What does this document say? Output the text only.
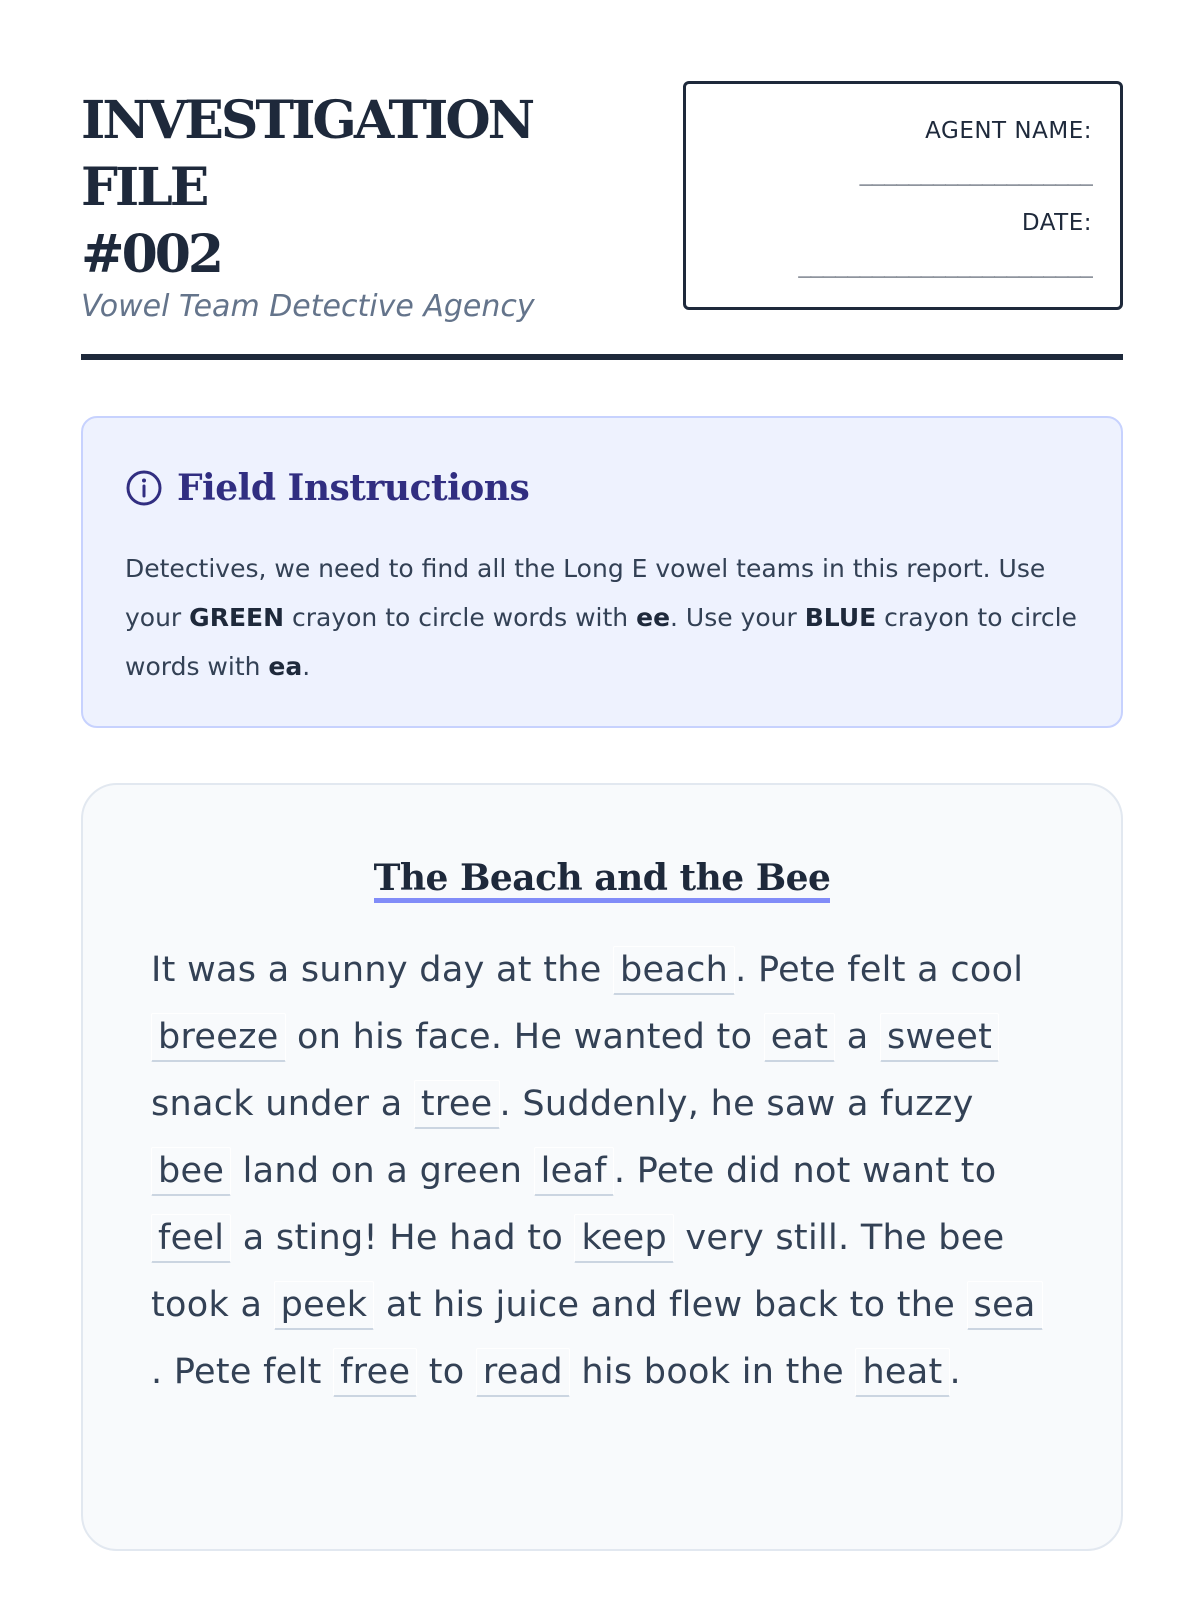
INVESTIGATION FILE
#002
Vowel Team Detective Agency
AGENT NAME:
___________________
DATE:
________________________
Field Instructions
Detectives, we need to find all the Long E vowel teams in this report. Use your GREEN crayon to circle words with ee. Use your BLUE crayon to circle words with ea.
The Beach and the Bee
It was a sunny day at the beach . Pete felt a cool breeze on his face. He wanted to eat a sweet snack under a tree . Suddenly, he saw a fuzzy bee land on a green leaf . Pete did not want to feel a sting! He had to keep very still. The bee took a peek at his juice and flew back to the sea. Pete felt free to read his book in the heat .
